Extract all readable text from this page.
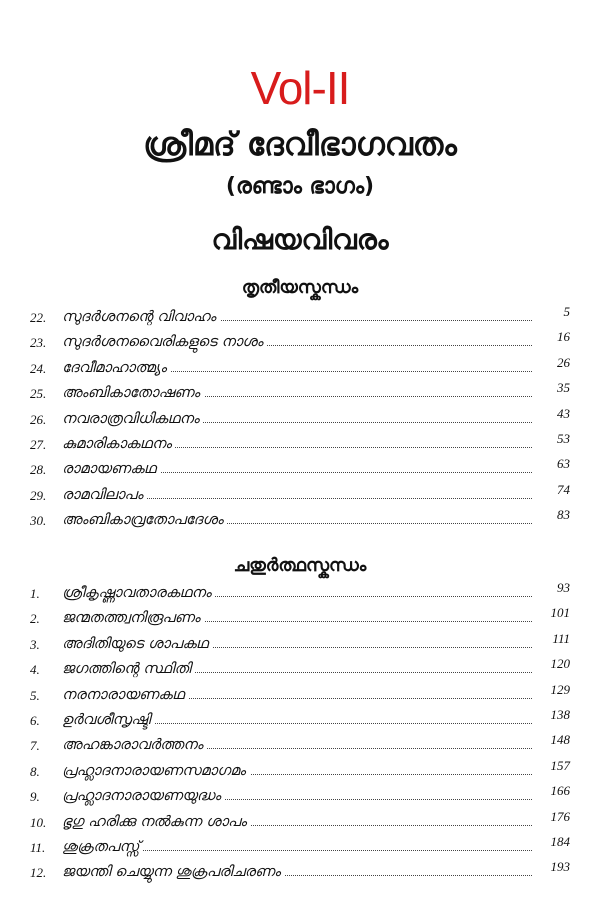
Vol-II
ശ്രീമദ് ദേവീഭാഗവതം
(രണ്ടാം ഭാഗം)
വിഷയവിവരം
തൃതീയസ്കന്ധം
22. സുദർശനന്റെ വിവാഹം	5
23. സുദർശനവൈരികളുടെ നാശം	16
24. ദേവീമാഹാത്മ്യം	26
25. അംബികാതോഷണം	35
26. നവരാത്രവിധികഥനം	43
27. കുമാരികാകഥനം	53
28. രാമായണകഥ	63
29. രാമവിലാപം	74
30. അംബികാവ്രതോപദേശം	83
ചതുർത്ഥസ്കന്ധം
1. ശ്രീകൃഷ്ണാവതാരകഥനം	93
2. ജന്മതത്ത്വനിരൂപണം	101
3. അദിതിയുടെ ശാപകഥ	111
4. ജഗത്തിന്റെ സ്ഥിതി	120
5. നരനാരായണകഥ	129
6. ഉർവശീസൃഷ്ടി	138
7. അഹങ്കാരാവർത്തനം	148
8. പ്രഹ്ലാദനാരായണസമാഗമം	157
9. പ്രഹ്ലാദനാരായണയുദ്ധം	166
10. ഭൃഗു ഹരിക്കു നൽകുന്ന ശാപം	176
11. ശുക്രതപസ്സ്	184
12. ജയന്തി ചെയ്യുന്ന ശുക്രപരിചരണം	193
